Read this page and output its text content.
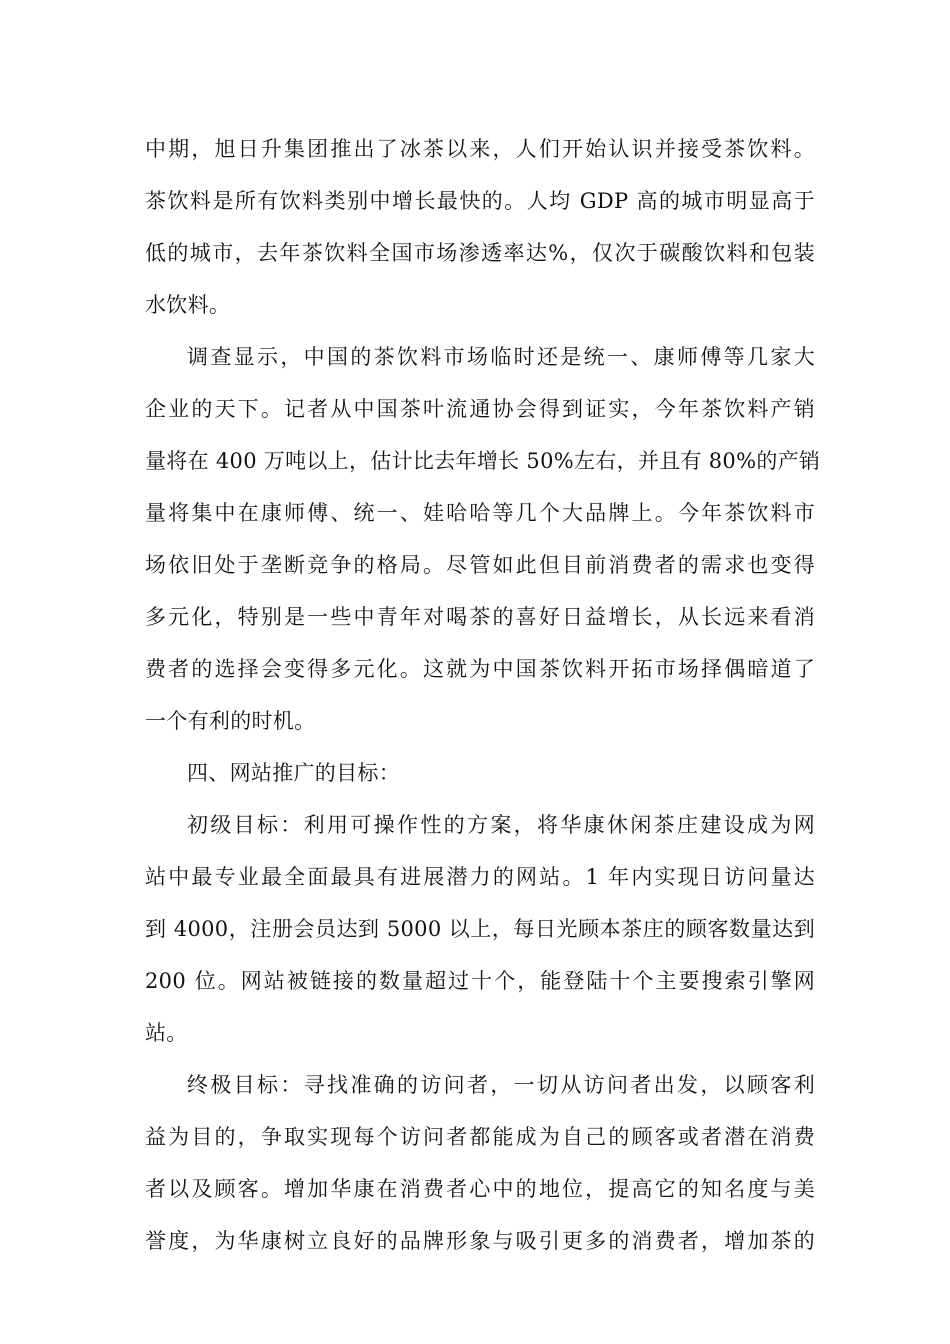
中期，旭日升集团推出了冰茶以来，人们开始认识并接受茶饮料。
茶饮料是所有饮料类别中增长最快的。人均 GDP 高的城市明显高于
低的城市，去年茶饮料全国市场渗透率达%，仅次于碳酸饮料和包装
水饮料。
调查显示，中国的茶饮料市场临时还是统一、康师傅等几家大
企业的天下。记者从中国茶叶流通协会得到证实，今年茶饮料产销
量将在 400 万吨以上，估计比去年增长 50%左右，并且有 80%的产销
量将集中在康师傅、统一、娃哈哈等几个大品牌上。今年茶饮料市
场依旧处于垄断竞争的格局。尽管如此但目前消费者的需求也变得
多元化，特别是一些中青年对喝茶的喜好日益增长，从长远来看消
费者的选择会变得多元化。这就为中国茶饮料开拓市场择偶暗道了
一个有利的时机。
四、网站推广的目标：
初级目标：利用可操作性的方案，将华康休闲茶庄建设成为网
站中最专业最全面最具有进展潜力的网站。1 年内实现日访问量达
到 4000，注册会员达到 5000 以上，每日光顾本茶庄的顾客数量达到
200 位。网站被链接的数量超过十个，能登陆十个主要搜索引擎网
站。
终极目标：寻找准确的访问者，一切从访问者出发，以顾客利
益为目的，争取实现每个访问者都能成为自己的顾客或者潜在消费
者以及顾客。增加华康在消费者心中的地位，提高它的知名度与美
誉度，为华康树立良好的品牌形象与吸引更多的消费者，增加茶的
